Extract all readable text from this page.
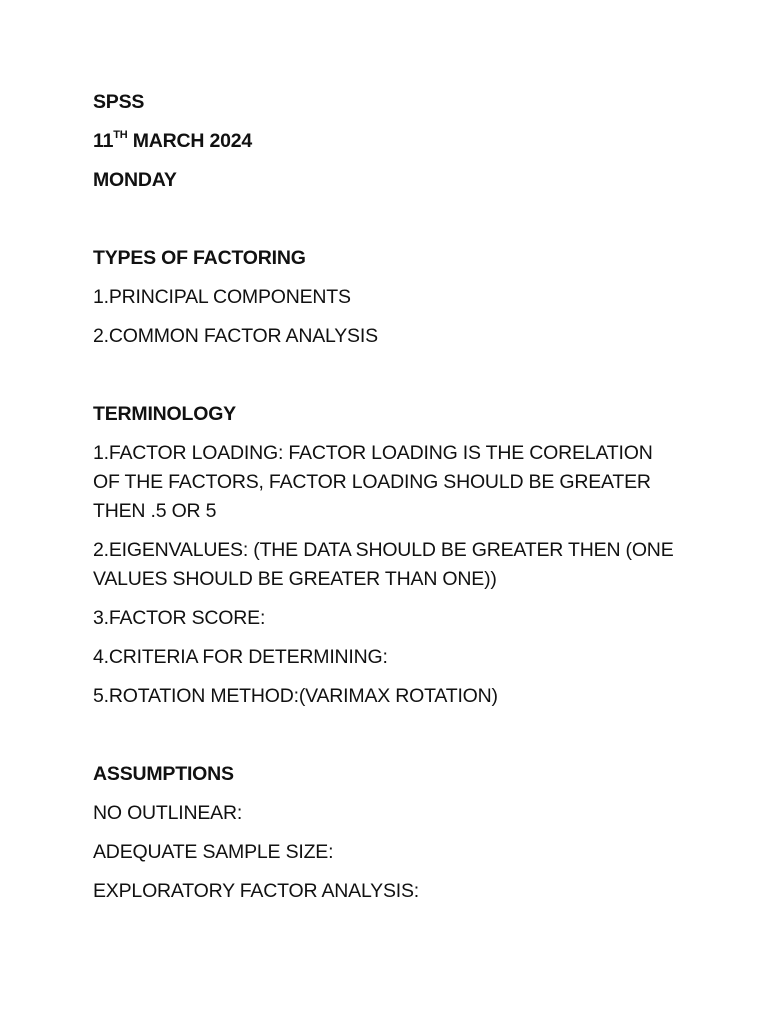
SPSS
11TH MARCH 2024
MONDAY
TYPES OF FACTORING
1.PRINCIPAL COMPONENTS
2.COMMON FACTOR ANALYSIS
TERMINOLOGY
1.FACTOR LOADING: FACTOR LOADING IS THE CORELATION OF THE FACTORS, FACTOR LOADING SHOULD BE GREATER THEN .5 OR 5
2.EIGENVALUES: (THE DATA SHOULD BE GREATER THEN (ONE VALUES SHOULD BE GREATER THAN ONE))
3.FACTOR SCORE:
4.CRITERIA FOR DETERMINING:
5.ROTATION METHOD:(VARIMAX ROTATION)
ASSUMPTIONS
NO OUTLINEAR:
ADEQUATE SAMPLE SIZE:
EXPLORATORY FACTOR ANALYSIS:
